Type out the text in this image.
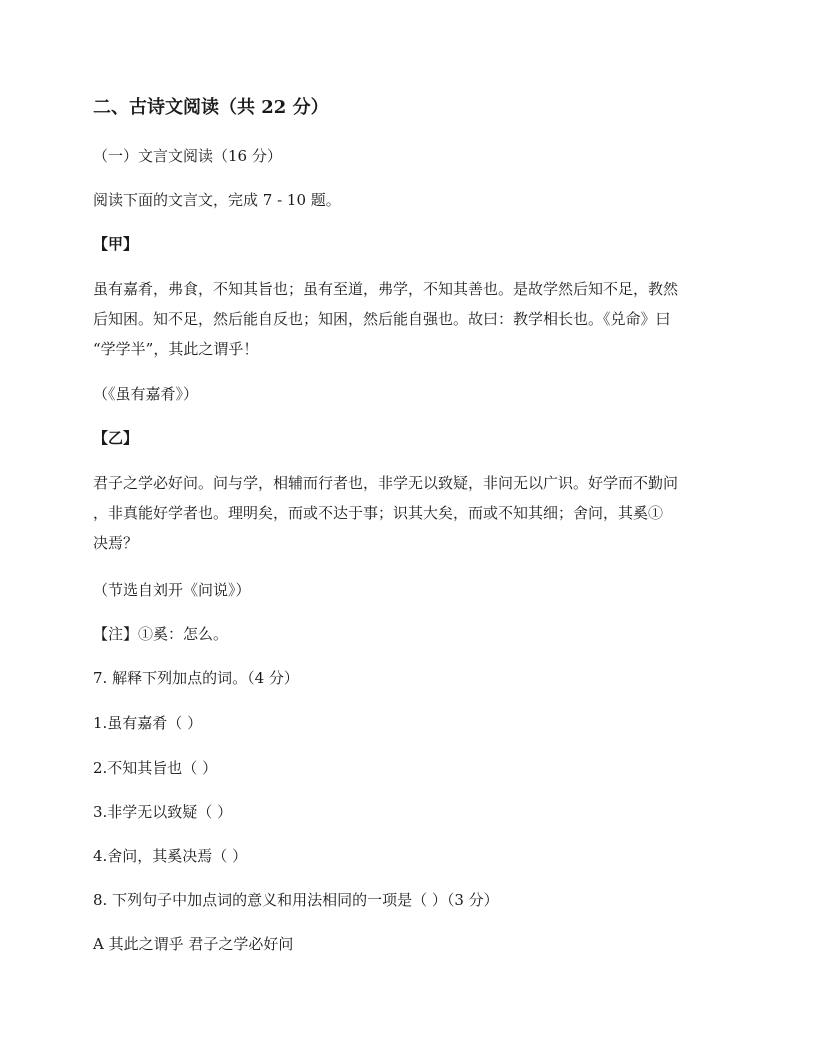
二、古诗文阅读（共 22 分）
（一）文言文阅读（16 分）
阅读下面的文言文，完成 7 - 10 题。
【甲】
虽有嘉肴，弗食，不知其旨也；虽有至道，弗学，不知其善也。是故学然后知不足，教然
后知困。知不足，然后能自反也；知困，然后能自强也。故曰：教学相长也。《兑命》曰
“学学半”，其此之谓乎！
（《虽有嘉肴》）
【乙】
君子之学必好问。问与学，相辅而行者也，非学无以致疑，非问无以广识。好学而不勤问
，非真能好学者也。理明矣，而或不达于事；识其大矣，而或不知其细；舍问，其奚①
决焉？
（节选自刘开《问说》）
【注】①奚：怎么。
7. 解释下列加点的词。（4 分）
1.虽有嘉肴（ ）
2.不知其旨也（ ）
3.非学无以致疑（ ）
4.舍问，其奚决焉（ ）
8. 下列句子中加点词的意义和用法相同的一项是（ ）（3 分）
A 其此之谓乎 君子之学必好问
